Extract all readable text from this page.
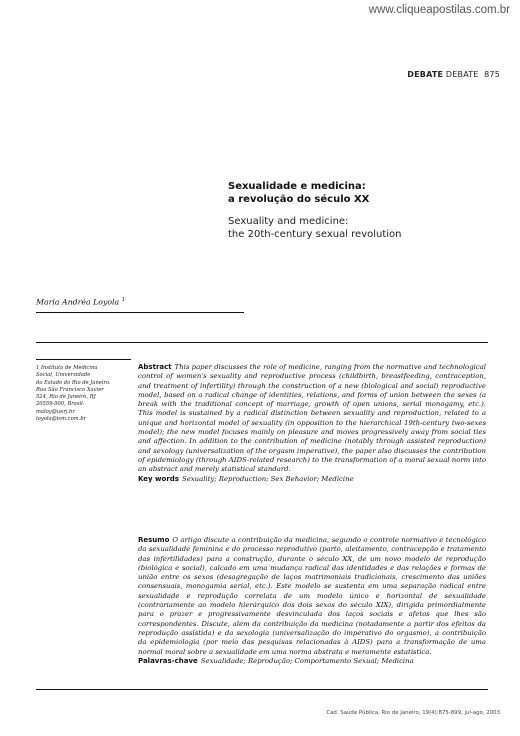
www.cliqueapostilas.com.br
DEBATE DEBATE 875

Sexualidade e medicina:
a revolução do século XX

Sexuality and medicine:
the 20th-century sexual revolution

Maria Andréa Loyola $^1$
1 Instituto de Medicina
Social, Universidade
do Estado do Rio de Janeiro.
Rua São Francisco Xavier
524, Rio de Janeiro, RJ
20559-900, Brasil.
maloy@uerj.br
loyola@ism.com.br

Abstract This paper discusses the role of medicine, ranging from the normative and technological control of women's sexuality and reproductive process (childbirth, breastfeeding, contraception, and treatment of infertility) through the construction of a new (biological and social) reproductive model, based on a radical change of identities, relations, and forms of union between the sexes (a break with the traditional concept of marriage, growth of open unions, serial monogamy, etc.). This model is sustained by a radical distinction between sexuality and reproduction, related to a unique and horizontal model of sexuality (in opposition to the hierarchical 19th-century two-sexes model); the new model focuses mainly on pleasure and moves progressively away from social ties and affection. In addition to the contribution of medicine (notably through assisted reproduction) and sexology (universalization of the orgasm imperative), the paper also discusses the contribution of epidemiology (through AIDS-related research) to the transformation of a moral sexual norm into an abstract and merely statistical standard.

Key words Sexuality; Reproduction; Sex Behavior; Medicine

Resumo O artigo discute a contribuição da medicina, segundo o controle normativo e tecnológico da sexualidade feminina e do processo reprodutivo (parto, aleitamento, contracepção e tratamento das infertilidades) para a construção, durante o século XX, de um novo modelo de reprodução (biológica e social), calcado em uma mudança radical das identidades e das relações e formas de união entre os sexos (desagregação de laços matrimoniais tradicionais, crescimento das uniões consensuais, monogamia serial, etc.). Este modelo se sustenta em uma separação radical entre sexualidade e reprodução correlata de um modelo único e horizontal de sexualidade (contrariamente ao modelo hierárquico dos dois sexos do século XIX), dirigida primordialmente para o prazer e progressivamente desvinculada dos laços sociais e afetos que lhes são correspondentes. Discute, além da contribuição da medicina (notadamente a partir dos efeitos da reprodução assistida) e da sexologia (universalização do imperativo do orgasmo), a contribuição da epidemiologia (por meio das pesquisas relacionadas à AIDS) para a transformação de uma normal moral sobre a sexualidade em uma norma abstrata e meramente estatística.

Palavras-chave Sexualidade; Reprodução; Comportamento Sexual; Medicina

Cad. Saúde Pública, Rio de Janeiro, 19(4):875-899, jul-ago, 2003
